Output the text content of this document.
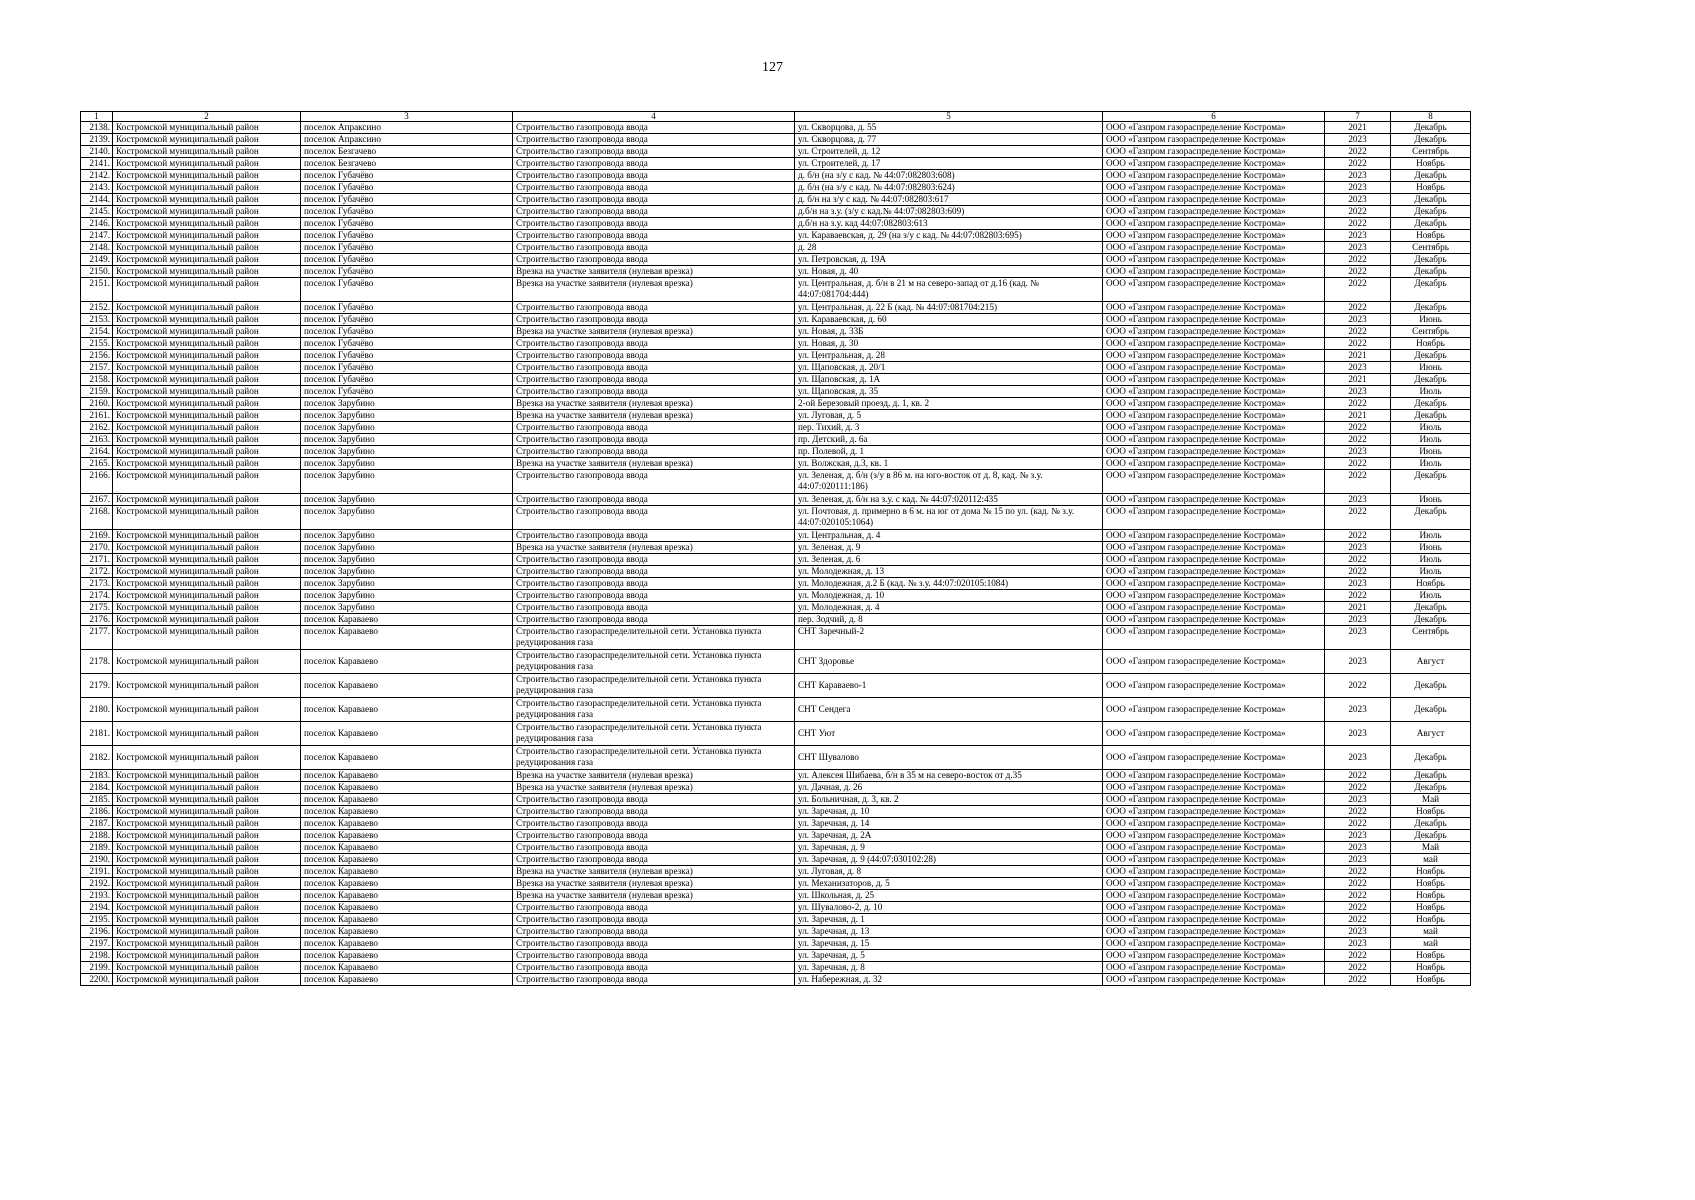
127
1	2	3	4	5	6	7	8
2138.	Костромской муниципальный район	поселок Апраксино	Строительство газопровода ввода	ул. Скворцова, д. 55	ООО «Газпром газораспределение Кострома»	2021	Декабрь
2139.	Костромской муниципальный район	поселок Апраксино	Строительство газопровода ввода	ул. Скворцова, д. 77	ООО «Газпром газораспределение Кострома»	2023	Декабрь
2140.	Костромской муниципальный район	поселок Безгачево	Строительство газопровода ввода	ул. Строителей, д. 12	ООО «Газпром газораспределение Кострома»	2022	Сентябрь
2141.	Костромской муниципальный район	поселок Безгачево	Строительство газопровода ввода	ул. Строителей, д. 17	ООО «Газпром газораспределение Кострома»	2022	Ноябрь
2142.	Костромской муниципальный район	поселок Губачёво	Строительство газопровода ввода	д. б/н (на з/у с кад. № 44:07:082803:608)	ООО «Газпром газораспределение Кострома»	2023	Декабрь
2143.	Костромской муниципальный район	поселок Губачёво	Строительство газопровода ввода	д. б/н (на з/у с кад. № 44:07:082803:624)	ООО «Газпром газораспределение Кострома»	2023	Ноябрь
2144.	Костромской муниципальный район	поселок Губачёво	Строительство газопровода ввода	д. б/н на з/у с кад. № 44:07:082803:617	ООО «Газпром газораспределение Кострома»	2023	Декабрь
2145.	Костромской муниципальный район	поселок Губачёво	Строительство газопровода ввода	д.б/н на з.у. (з/у с кад.№ 44:07:082803:609)	ООО «Газпром газораспределение Кострома»	2022	Декабрь
2146.	Костромской муниципальный район	поселок Губачёво	Строительство газопровода ввода	д.б/н на з.у. кад 44:07:082803:613	ООО «Газпром газораспределение Кострома»	2022	Декабрь
2147.	Костромской муниципальный район	поселок Губачёво	Строительство газопровода ввода	ул. Караваевская, д. 29 (на з/у с кад. № 44:07:082803:695)	ООО «Газпром газораспределение Кострома»	2023	Ноябрь
2148.	Костромской муниципальный район	поселок Губачёво	Строительство газопровода ввода	д. 28	ООО «Газпром газораспределение Кострома»	2023	Сентябрь
2149.	Костромской муниципальный район	поселок Губачёво	Строительство газопровода ввода	ул. Петровская, д. 19А	ООО «Газпром газораспределение Кострома»	2022	Декабрь
2150.	Костромской муниципальный район	поселок Губачёво	Врезка на участке заявителя (нулевая врезка)	ул. Новая, д. 40	ООО «Газпром газораспределение Кострома»	2022	Декабрь
2151.	Костромской муниципальный район	поселок Губачёво	Врезка на участке заявителя (нулевая врезка)	ул. Центральная, д. б/н в 21 м на северо-запад от д.16 (кад. № 44:07:081704:444)	ООО «Газпром газораспределение Кострома»	2022	Декабрь
2152.	Костромской муниципальный район	поселок Губачёво	Строительство газопровода ввода	ул. Центральная, д. 22 Б (кад. № 44:07:081704:215)	ООО «Газпром газораспределение Кострома»	2022	Декабрь
2153.	Костромской муниципальный район	поселок Губачёво	Строительство газопровода ввода	ул. Караваевская, д. 60	ООО «Газпром газораспределение Кострома»	2023	Июнь
2154.	Костромской муниципальный район	поселок Губачёво	Врезка на участке заявителя (нулевая врезка)	ул. Новая, д. 33Б	ООО «Газпром газораспределение Кострома»	2022	Сентябрь
2155.	Костромской муниципальный район	поселок Губачёво	Строительство газопровода ввода	ул. Новая, д. 30	ООО «Газпром газораспределение Кострома»	2022	Ноябрь
2156.	Костромской муниципальный район	поселок Губачёво	Строительство газопровода ввода	ул. Центральная, д. 28	ООО «Газпром газораспределение Кострома»	2021	Декабрь
2157.	Костромской муниципальный район	поселок Губачёво	Строительство газопровода ввода	ул. Щаповская, д. 20/1	ООО «Газпром газораспределение Кострома»	2023	Июнь
2158.	Костромской муниципальный район	поселок Губачёво	Строительство газопровода ввода	ул. Щаповская, д. 1А	ООО «Газпром газораспределение Кострома»	2021	Декабрь
2159.	Костромской муниципальный район	поселок Губачёво	Строительство газопровода ввода	ул. Щаповская, д. 35	ООО «Газпром газораспределение Кострома»	2023	Июль
2160.	Костромской муниципальный район	поселок Зарубино	Врезка на участке заявителя (нулевая врезка)	2-ой Березовый проезд, д. 1, кв. 2	ООО «Газпром газораспределение Кострома»	2022	Декабрь
2161.	Костромской муниципальный район	поселок Зарубино	Врезка на участке заявителя (нулевая врезка)	ул. Луговая, д. 5	ООО «Газпром газораспределение Кострома»	2021	Декабрь
2162.	Костромской муниципальный район	поселок Зарубино	Строительство газопровода ввода	пер. Тихий, д. 3	ООО «Газпром газораспределение Кострома»	2022	Июль
2163.	Костромской муниципальный район	поселок Зарубино	Строительство газопровода ввода	пр. Детский, д. 6а	ООО «Газпром газораспределение Кострома»	2022	Июль
2164.	Костромской муниципальный район	поселок Зарубино	Строительство газопровода ввода	пр. Полевой, д. 1	ООО «Газпром газораспределение Кострома»	2023	Июнь
2165.	Костромской муниципальный район	поселок Зарубино	Врезка на участке заявителя (нулевая врезка)	ул. Волжская, д.3, кв. 1	ООО «Газпром газораспределение Кострома»	2022	Июль
2166.	Костромской муниципальный район	поселок Зарубино	Строительство газопровода ввода	ул. Зеленая, д. б/н (з/у в 86 м. на юго-восток от д. 8, кад. № з.у. 44:07:020111:186)	ООО «Газпром газораспределение Кострома»	2022	Декабрь
2167.	Костромской муниципальный район	поселок Зарубино	Строительство газопровода ввода	ул. Зеленая, д. б/н на з.у. с кад. № 44:07:020112:435	ООО «Газпром газораспределение Кострома»	2023	Июнь
2168.	Костромской муниципальный район	поселок Зарубино	Строительство газопровода ввода	ул. Почтовая, д. примерно в 6 м. на юг от дома № 15 по ул. (кад. № з.у. 44:07:020105:1064)	ООО «Газпром газораспределение Кострома»	2022	Декабрь
2169.	Костромской муниципальный район	поселок Зарубино	Строительство газопровода ввода	ул. Центральная, д. 4	ООО «Газпром газораспределение Кострома»	2022	Июль
2170.	Костромской муниципальный район	поселок Зарубино	Врезка на участке заявителя (нулевая врезка)	ул. Зеленая, д. 9	ООО «Газпром газораспределение Кострома»	2023	Июнь
2171.	Костромской муниципальный район	поселок Зарубино	Строительство газопровода ввода	ул. Зеленая, д. 6	ООО «Газпром газораспределение Кострома»	2022	Июль
2172.	Костромской муниципальный район	поселок Зарубино	Строительство газопровода ввода	ул. Молодежная, д. 13	ООО «Газпром газораспределение Кострома»	2022	Июль
2173.	Костромской муниципальный район	поселок Зарубино	Строительство газопровода ввода	ул. Молодежная, д.2 Б (кад. № з.у. 44:07:020105:1084)	ООО «Газпром газораспределение Кострома»	2023	Ноябрь
2174.	Костромской муниципальный район	поселок Зарубино	Строительство газопровода ввода	ул. Молодежная, д. 10	ООО «Газпром газораспределение Кострома»	2022	Июль
2175.	Костромской муниципальный район	поселок Зарубино	Строительство газопровода ввода	ул. Молодежная, д. 4	ООО «Газпром газораспределение Кострома»	2021	Декабрь
2176.	Костромской муниципальный район	поселок Караваево	Строительство газопровода ввода	пер. Зодчий, д. 8	ООО «Газпром газораспределение Кострома»	2023	Декабрь
2177.	Костромской муниципальный район	поселок Караваево	Строительство газораспределительной сети. Установка пункта редуцирования газа	СНТ Заречный-2	ООО «Газпром газораспределение Кострома»	2023	Сентябрь
2178.	Костромской муниципальный район	поселок Караваево	Строительство газораспределительной сети. Установка пункта редуцирования газа	СНТ Здоровье	ООО «Газпром газораспределение Кострома»	2023	Август
2179.	Костромской муниципальный район	поселок Караваево	Строительство газораспределительной сети. Установка пункта редуцирования газа	СНТ Караваево-1	ООО «Газпром газораспределение Кострома»	2022	Декабрь
2180.	Костромской муниципальный район	поселок Караваево	Строительство газораспределительной сети. Установка пункта редуцирования газа	СНТ Сендега	ООО «Газпром газораспределение Кострома»	2023	Декабрь
2181.	Костромской муниципальный район	поселок Караваево	Строительство газораспределительной сети. Установка пункта редуцирования газа	СНТ Уют	ООО «Газпром газораспределение Кострома»	2023	Август
2182.	Костромской муниципальный район	поселок Караваево	Строительство газораспределительной сети. Установка пункта редуцирования газа	СНТ Шувалово	ООО «Газпром газораспределение Кострома»	2023	Декабрь
2183.	Костромской муниципальный район	поселок Караваево	Врезка на участке заявителя (нулевая врезка)	ул. Алексея Шибаева, б/н в 35 м на северо-восток от д.35	ООО «Газпром газораспределение Кострома»	2022	Декабрь
2184.	Костромской муниципальный район	поселок Караваево	Врезка на участке заявителя (нулевая врезка)	ул. Дачная, д. 26	ООО «Газпром газораспределение Кострома»	2022	Декабрь
2185.	Костромской муниципальный район	поселок Караваево	Строительство газопровода ввода	ул. Больничная, д. 3, кв. 2	ООО «Газпром газораспределение Кострома»	2023	Май
2186.	Костромской муниципальный район	поселок Караваево	Строительство газопровода ввода	ул. Заречная, д. 10	ООО «Газпром газораспределение Кострома»	2022	Ноябрь
2187.	Костромской муниципальный район	поселок Караваево	Строительство газопровода ввода	ул. Заречная, д. 14	ООО «Газпром газораспределение Кострома»	2022	Декабрь
2188.	Костромской муниципальный район	поселок Караваево	Строительство газопровода ввода	ул. Заречная, д. 2А	ООО «Газпром газораспределение Кострома»	2023	Декабрь
2189.	Костромской муниципальный район	поселок Караваево	Строительство газопровода ввода	ул. Заречная, д. 9	ООО «Газпром газораспределение Кострома»	2023	Май
2190.	Костромской муниципальный район	поселок Караваево	Строительство газопровода ввода	ул. Заречная, д. 9 (44:07:030102:28)	ООО «Газпром газораспределение Кострома»	2023	май
2191.	Костромской муниципальный район	поселок Караваево	Врезка на участке заявителя (нулевая врезка)	ул. Луговая, д. 8	ООО «Газпром газораспределение Кострома»	2022	Ноябрь
2192.	Костромской муниципальный район	поселок Караваево	Врезка на участке заявителя (нулевая врезка)	ул. Механизаторов, д. 5	ООО «Газпром газораспределение Кострома»	2022	Ноябрь
2193.	Костромской муниципальный район	поселок Караваево	Врезка на участке заявителя (нулевая врезка)	ул. Школьная, д. 25	ООО «Газпром газораспределение Кострома»	2022	Ноябрь
2194.	Костромской муниципальный район	поселок Караваево	Строительство газопровода ввода	ул. Шувалово-2, д. 10	ООО «Газпром газораспределение Кострома»	2022	Ноябрь
2195.	Костромской муниципальный район	поселок Караваево	Строительство газопровода ввода	ул. Заречная, д. 1	ООО «Газпром газораспределение Кострома»	2022	Ноябрь
2196.	Костромской муниципальный район	поселок Караваево	Строительство газопровода ввода	ул. Заречная, д. 13	ООО «Газпром газораспределение Кострома»	2023	май
2197.	Костромской муниципальный район	поселок Караваево	Строительство газопровода ввода	ул. Заречная, д. 15	ООО «Газпром газораспределение Кострома»	2023	май
2198.	Костромской муниципальный район	поселок Караваево	Строительство газопровода ввода	ул. Заречная, д. 5	ООО «Газпром газораспределение Кострома»	2022	Ноябрь
2199.	Костромской муниципальный район	поселок Караваево	Строительство газопровода ввода	ул. Заречная, д. 8	ООО «Газпром газораспределение Кострома»	2022	Ноябрь
2200.	Костромской муниципальный район	поселок Караваево	Строительство газопровода ввода	ул. Набережная, д. 32	ООО «Газпром газораспределение Кострома»	2022	Ноябрь
